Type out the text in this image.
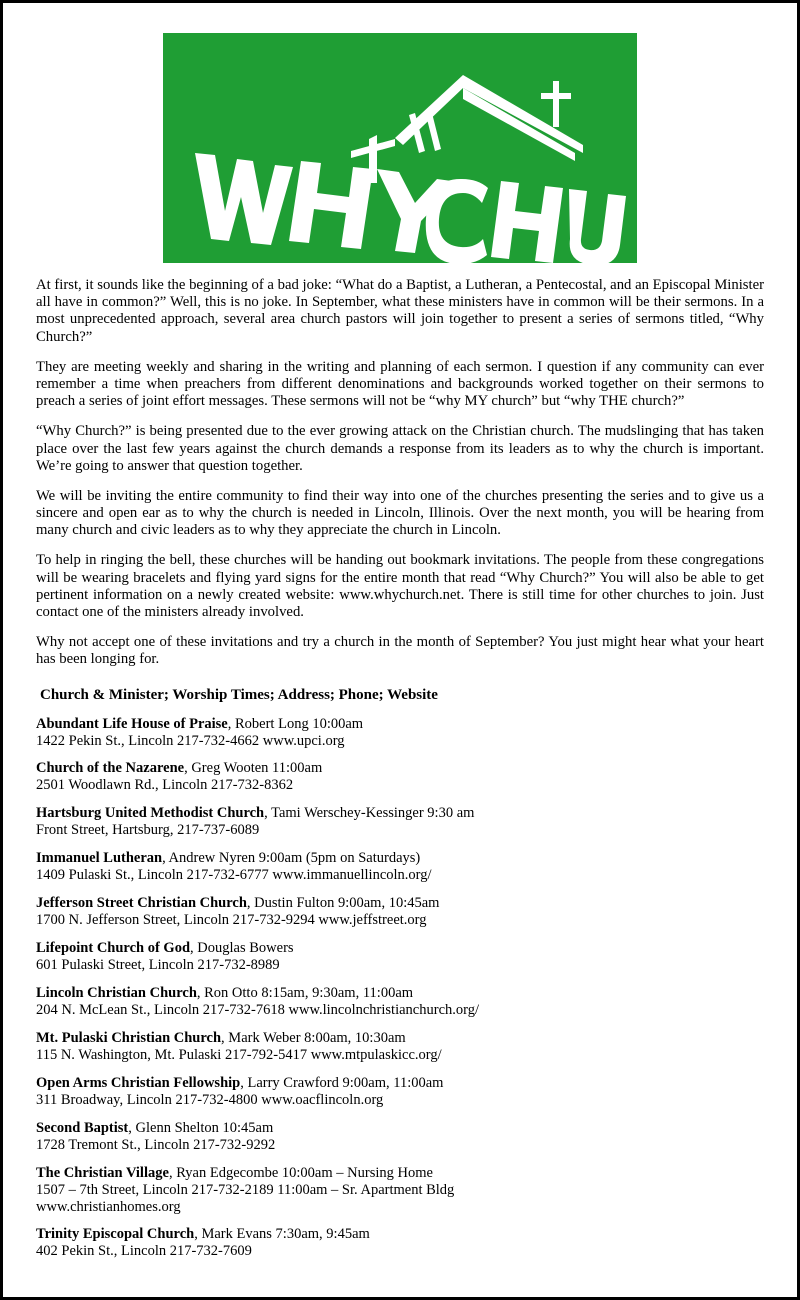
At first, it sounds like the beginning of a bad joke: “What do a Baptist, a Lutheran, a Pentecostal, and an Episcopal Minister all have in common?” Well, this is no joke. In September, what these ministers have in common will be their sermons. In a most unprecedented approach, several area church pastors will join together to present a series of sermons titled, “Why Church?”

They are meeting weekly and sharing in the writing and planning of each sermon. I question if any community can ever remember a time when preachers from different denominations and backgrounds worked together on their sermons to preach a series of joint effort messages. These sermons will not be “why MY church” but “why THE church?”

“Why Church?” is being presented due to the ever growing attack on the Christian church. The mudslinging that has taken place over the last few years against the church demands a response from its leaders as to why the church is important. We’re going to answer that question together.

We will be inviting the entire community to find their way into one of the churches presenting the series and to give us a sincere and open ear as to why the church is needed in Lincoln, Illinois. Over the next month, you will be hearing from many church and civic leaders as to why they appreciate the church in Lincoln.

To help in ringing the bell, these churches will be handing out bookmark invitations. The people from these congregations will be wearing bracelets and flying yard signs for the entire month that read “Why Church?” You will also be able to get pertinent information on a newly created website: www.whychurch.net. There is still time for other churches to join. Just contact one of the ministers already involved.

Why not accept one of these invitations and try a church in the month of September? You just might hear what your heart has been longing for.

Church & Minister; Worship Times; Address; Phone; Website
Abundant Life House of Praise, Robert Long 10:00am
1422 Pekin St., Lincoln 217-732-4662 www.upci.org
Church of the Nazarene, Greg Wooten 11:00am
2501 Woodlawn Rd., Lincoln 217-732-8362
Hartsburg United Methodist Church, Tami Werschey-Kessinger 9:30 am
Front Street, Hartsburg, 217-737-6089
Immanuel Lutheran, Andrew Nyren 9:00am (5pm on Saturdays)
1409 Pulaski St., Lincoln 217-732-6777 www.immanuellincoln.org/
Jefferson Street Christian Church, Dustin Fulton 9:00am, 10:45am
1700 N. Jefferson Street, Lincoln 217-732-9294 www.jeffstreet.org
Lifepoint Church of God, Douglas Bowers
601 Pulaski Street, Lincoln 217-732-8989
Lincoln Christian Church, Ron Otto 8:15am, 9:30am, 11:00am
204 N. McLean St., Lincoln 217-732-7618 www.lincolnchristianchurch.org/
Mt. Pulaski Christian Church, Mark Weber 8:00am, 10:30am
115 N. Washington, Mt. Pulaski 217-792-5417 www.mtpulaskicc.org/
Open Arms Christian Fellowship, Larry Crawford 9:00am, 11:00am
311 Broadway, Lincoln 217-732-4800 www.oacflincoln.org
Second Baptist, Glenn Shelton 10:45am
1728 Tremont St., Lincoln 217-732-9292
The Christian Village, Ryan Edgecombe 10:00am – Nursing Home
1507 – 7th Street, Lincoln 217-732-2189 11:00am – Sr. Apartment Bldg
www.christianhomes.org
Trinity Episcopal Church, Mark Evans 7:30am, 9:45am
402 Pekin St., Lincoln 217-732-7609
